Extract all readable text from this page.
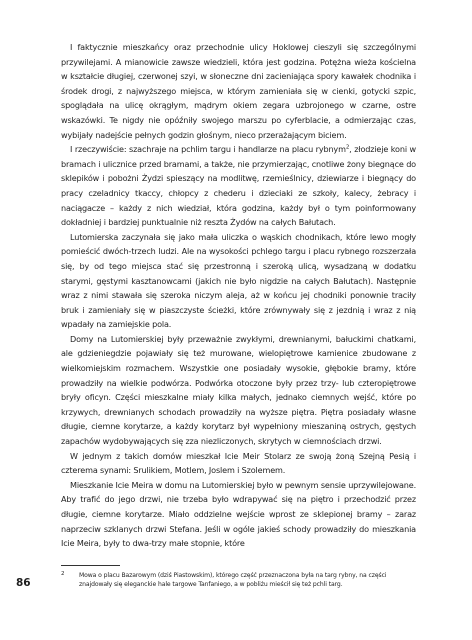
I faktycznie mieszkańcy oraz przechodnie ulicy Hoklowej cieszyli się szczególnymi przywilejami. A mianowicie zawsze wiedzieli, która jest godzina. Potężna wieża kościelna w kształcie długiej, czerwonej szyi, w słoneczne dni zacieniająca spory kawałek chodnika i środek drogi, z najwyższego miejsca, w którym zamieniała się w cienki, gotycki szpic, spoglądała na ulicę okrągłym, mądrym okiem zegara uzbrojonego w czarne, ostre wskazówki. Te nigdy nie opóźniły swojego marszu po cyferblacie, a odmierzając czas, wybijały nadejście pełnych godzin głośnym, nieco przerażającym biciem.

I rzeczywiście: szachraje na pchlim targu i handlarze na placu rybnym$^2$, złodzieje koni w bramach i ulicznice przed bramami, a także, nie przymierzając, cnotliwe żony biegnące do sklepików i pobożni Żydzi spieszący na modlitwę, rzemieślnicy, dziewiarze i biegnący do pracy czeladnicy tkaccy, chłopcy z chederu i dzieciaki ze szkoły, kalecy, żebracy i naciągacze – każdy z nich wiedział, która godzina, każdy był o tym poinformowany dokładniej i bardziej punktualnie niż reszta Żydów na całych Bałutach.

Lutomierska zaczynała się jako mała uliczka o wąskich chodnikach, które lewo mogły pomieścić dwóch-trzech ludzi. Ale na wysokości pchlego targu i placu rybnego rozszerzała się, by od tego miejsca stać się przestronną i szeroką ulicą, wysadzaną w dodatku starymi, gęstymi kasztanowcami (jakich nie było nigdzie na całych Bałutach). Następnie wraz z nimi stawała się szeroka niczym aleja, aż w końcu jej chodniki ponownie traciły bruk i zamieniały się w piaszczyste ścieżki, które zrównywały się z jezdnią i wraz z nią wpadały na zamiejskie pola.

Domy na Lutomierskiej były przeważnie zwykłymi, drewnianymi, bałuckimi chatkami, ale gdzieniegdzie pojawiały się też murowane, wielopiętrowe kamienice zbudowane z wielkomiejskim rozmachem. Wszystkie one posiadały wysokie, głębokie bramy, które prowadziły na wielkie podwórza. Podwórka otoczone były przez trzy- lub czteropiętrowe bryły oficyn. Części mieszkalne miały kilka małych, jednako ciemnych wejść, które po krzywych, drewnianych schodach prowadziły na wyższe piętra. Piętra posiadały własne długie, ciemne korytarze, a każdy korytarz był wypełniony mieszaniną ostrych, gęstych zapachów wydobywających się zza niezliczonych, skrytych w ciemnościach drzwi.

W jednym z takich domów mieszkał Icie Meir Stolarz ze swoją żoną Szejną Pesią i czterema synami: Srulikiem, Motlem, Joslem i Szolemem.

Mieszkanie Icie Meira w domu na Lutomierskiej było w pewnym sensie uprzywilejowane. Aby trafić do jego drzwi, nie trzeba było wdrapywać się na piętro i przechodzić przez długie, ciemne korytarze. Miało oddzielne wejście wprost ze sklepionej bramy – zaraz naprzeciw szklanych drzwi Stefana. Jeśli w ogóle jakieś schody prowadziły do mieszkania Icie Meira, były to dwa-trzy małe stopnie, które

86
2	Mowa o placu Bazarowym (dziś Piastowskim), którego część przeznaczona była na targ rybny, na części znajdowały się eleganckie hale targowe Tanfaniego, a w pobliżu mieścił się też pchli targ.
